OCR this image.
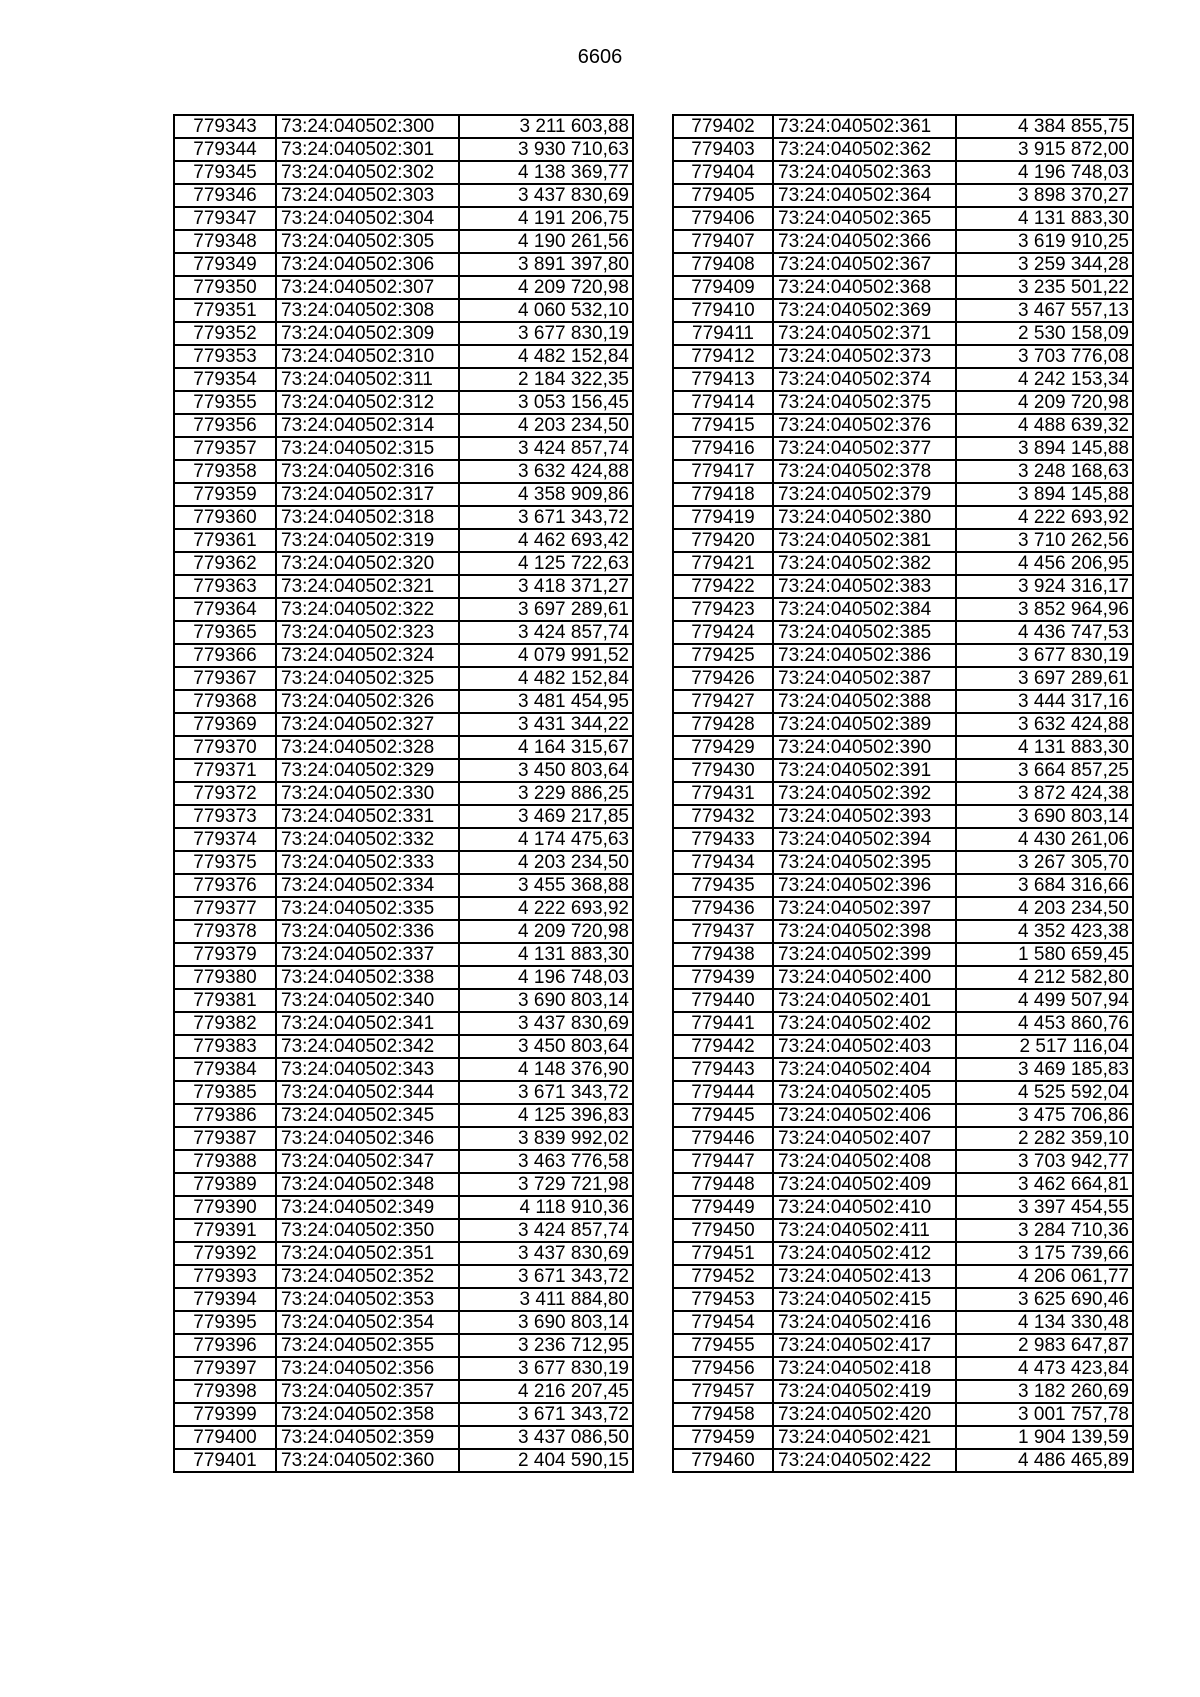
6606
779343	73:24:040502:300	3 211 603,88
779344	73:24:040502:301	3 930 710,63
779345	73:24:040502:302	4 138 369,77
779346	73:24:040502:303	3 437 830,69
779347	73:24:040502:304	4 191 206,75
779348	73:24:040502:305	4 190 261,56
779349	73:24:040502:306	3 891 397,80
779350	73:24:040502:307	4 209 720,98
779351	73:24:040502:308	4 060 532,10
779352	73:24:040502:309	3 677 830,19
779353	73:24:040502:310	4 482 152,84
779354	73:24:040502:311	2 184 322,35
779355	73:24:040502:312	3 053 156,45
779356	73:24:040502:314	4 203 234,50
779357	73:24:040502:315	3 424 857,74
779358	73:24:040502:316	3 632 424,88
779359	73:24:040502:317	4 358 909,86
779360	73:24:040502:318	3 671 343,72
779361	73:24:040502:319	4 462 693,42
779362	73:24:040502:320	4 125 722,63
779363	73:24:040502:321	3 418 371,27
779364	73:24:040502:322	3 697 289,61
779365	73:24:040502:323	3 424 857,74
779366	73:24:040502:324	4 079 991,52
779367	73:24:040502:325	4 482 152,84
779368	73:24:040502:326	3 481 454,95
779369	73:24:040502:327	3 431 344,22
779370	73:24:040502:328	4 164 315,67
779371	73:24:040502:329	3 450 803,64
779372	73:24:040502:330	3 229 886,25
779373	73:24:040502:331	3 469 217,85
779374	73:24:040502:332	4 174 475,63
779375	73:24:040502:333	4 203 234,50
779376	73:24:040502:334	3 455 368,88
779377	73:24:040502:335	4 222 693,92
779378	73:24:040502:336	4 209 720,98
779379	73:24:040502:337	4 131 883,30
779380	73:24:040502:338	4 196 748,03
779381	73:24:040502:340	3 690 803,14
779382	73:24:040502:341	3 437 830,69
779383	73:24:040502:342	3 450 803,64
779384	73:24:040502:343	4 148 376,90
779385	73:24:040502:344	3 671 343,72
779386	73:24:040502:345	4 125 396,83
779387	73:24:040502:346	3 839 992,02
779388	73:24:040502:347	3 463 776,58
779389	73:24:040502:348	3 729 721,98
779390	73:24:040502:349	4 118 910,36
779391	73:24:040502:350	3 424 857,74
779392	73:24:040502:351	3 437 830,69
779393	73:24:040502:352	3 671 343,72
779394	73:24:040502:353	3 411 884,80
779395	73:24:040502:354	3 690 803,14
779396	73:24:040502:355	3 236 712,95
779397	73:24:040502:356	3 677 830,19
779398	73:24:040502:357	4 216 207,45
779399	73:24:040502:358	3 671 343,72
779400	73:24:040502:359	3 437 086,50
779401	73:24:040502:360	2 404 590,15
779402	73:24:040502:361	4 384 855,75
779403	73:24:040502:362	3 915 872,00
779404	73:24:040502:363	4 196 748,03
779405	73:24:040502:364	3 898 370,27
779406	73:24:040502:365	4 131 883,30
779407	73:24:040502:366	3 619 910,25
779408	73:24:040502:367	3 259 344,28
779409	73:24:040502:368	3 235 501,22
779410	73:24:040502:369	3 467 557,13
779411	73:24:040502:371	2 530 158,09
779412	73:24:040502:373	3 703 776,08
779413	73:24:040502:374	4 242 153,34
779414	73:24:040502:375	4 209 720,98
779415	73:24:040502:376	4 488 639,32
779416	73:24:040502:377	3 894 145,88
779417	73:24:040502:378	3 248 168,63
779418	73:24:040502:379	3 894 145,88
779419	73:24:040502:380	4 222 693,92
779420	73:24:040502:381	3 710 262,56
779421	73:24:040502:382	4 456 206,95
779422	73:24:040502:383	3 924 316,17
779423	73:24:040502:384	3 852 964,96
779424	73:24:040502:385	4 436 747,53
779425	73:24:040502:386	3 677 830,19
779426	73:24:040502:387	3 697 289,61
779427	73:24:040502:388	3 444 317,16
779428	73:24:040502:389	3 632 424,88
779429	73:24:040502:390	4 131 883,30
779430	73:24:040502:391	3 664 857,25
779431	73:24:040502:392	3 872 424,38
779432	73:24:040502:393	3 690 803,14
779433	73:24:040502:394	4 430 261,06
779434	73:24:040502:395	3 267 305,70
779435	73:24:040502:396	3 684 316,66
779436	73:24:040502:397	4 203 234,50
779437	73:24:040502:398	4 352 423,38
779438	73:24:040502:399	1 580 659,45
779439	73:24:040502:400	4 212 582,80
779440	73:24:040502:401	4 499 507,94
779441	73:24:040502:402	4 453 860,76
779442	73:24:040502:403	2 517 116,04
779443	73:24:040502:404	3 469 185,83
779444	73:24:040502:405	4 525 592,04
779445	73:24:040502:406	3 475 706,86
779446	73:24:040502:407	2 282 359,10
779447	73:24:040502:408	3 703 942,77
779448	73:24:040502:409	3 462 664,81
779449	73:24:040502:410	3 397 454,55
779450	73:24:040502:411	3 284 710,36
779451	73:24:040502:412	3 175 739,66
779452	73:24:040502:413	4 206 061,77
779453	73:24:040502:415	3 625 690,46
779454	73:24:040502:416	4 134 330,48
779455	73:24:040502:417	2 983 647,87
779456	73:24:040502:418	4 473 423,84
779457	73:24:040502:419	3 182 260,69
779458	73:24:040502:420	3 001 757,78
779459	73:24:040502:421	1 904 139,59
779460	73:24:040502:422	4 486 465,89
